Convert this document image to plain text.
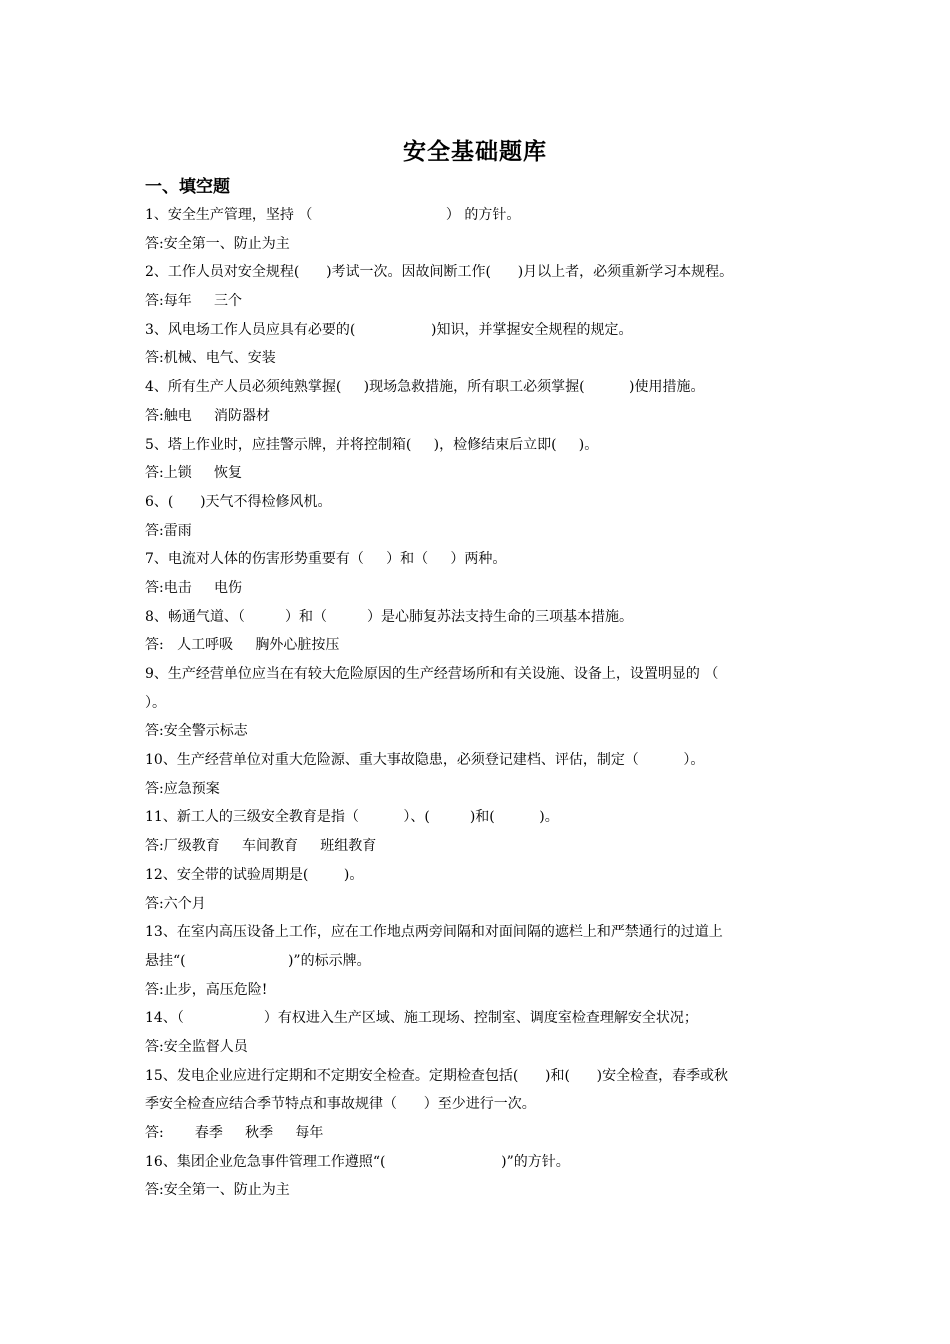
安全基础题库
一、填空题
1、安全生产管理，坚持 （                              ） 的方针。
答:安全第一、防止为主
2、工作人员对安全规程(      )考试一次。因故间断工作(      )月以上者，必须重新学习本规程。
答:每年     三个
3、风电场工作人员应具有必要的(                 )知识，并掌握安全规程的规定。
答:机械、电气、安装
4、所有生产人员必须纯熟掌握(     )现场急救措施，所有职工必须掌握(          )使用措施。
答:触电     消防器材
5、塔上作业时，应挂警示牌，并将控制箱(     )，检修结束后立即(     )。
答:上锁     恢复
6、(      )天气不得检修风机。
答:雷雨
7、电流对人体的伤害形势重要有（     ）和（     ）两种。
答:电击     电伤
8、畅通气道、（         ）和（         ）是心肺复苏法支持生命的三项基本措施。
答:   人工呼吸     胸外心脏按压
9、生产经营单位应当在有较大危险原因的生产经营场所和有关设施、设备上，设置明显的 （
）。
答:安全警示标志
10、生产经营单位对重大危险源、重大事故隐患，必须登记建档、评估，制定（          ）。
答:应急预案
11、新工人的三级安全教育是指（          ）、(         )和(          )。
答:厂级教育     车间教育     班组教育
12、安全带的试验周期是(        )。
答:六个月
13、在室内高压设备上工作，应在工作地点两旁间隔和对面间隔的遮栏上和严禁通行的过道上
悬挂“(                       )”的标示牌。
答:止步，高压危险!
14、（                  ）有权进入生产区域、施工现场、控制室、调度室检查理解安全状况；
答:安全监督人员
15、发电企业应进行定期和不定期安全检查。定期检查包括(      )和(      )安全检查，春季或秋
季安全检查应结合季节特点和事故规律（      ）至少进行一次。
答:       春季     秋季     每年
16、集团企业危急事件管理工作遵照“(                          )”的方针。
答:安全第一、防止为主
